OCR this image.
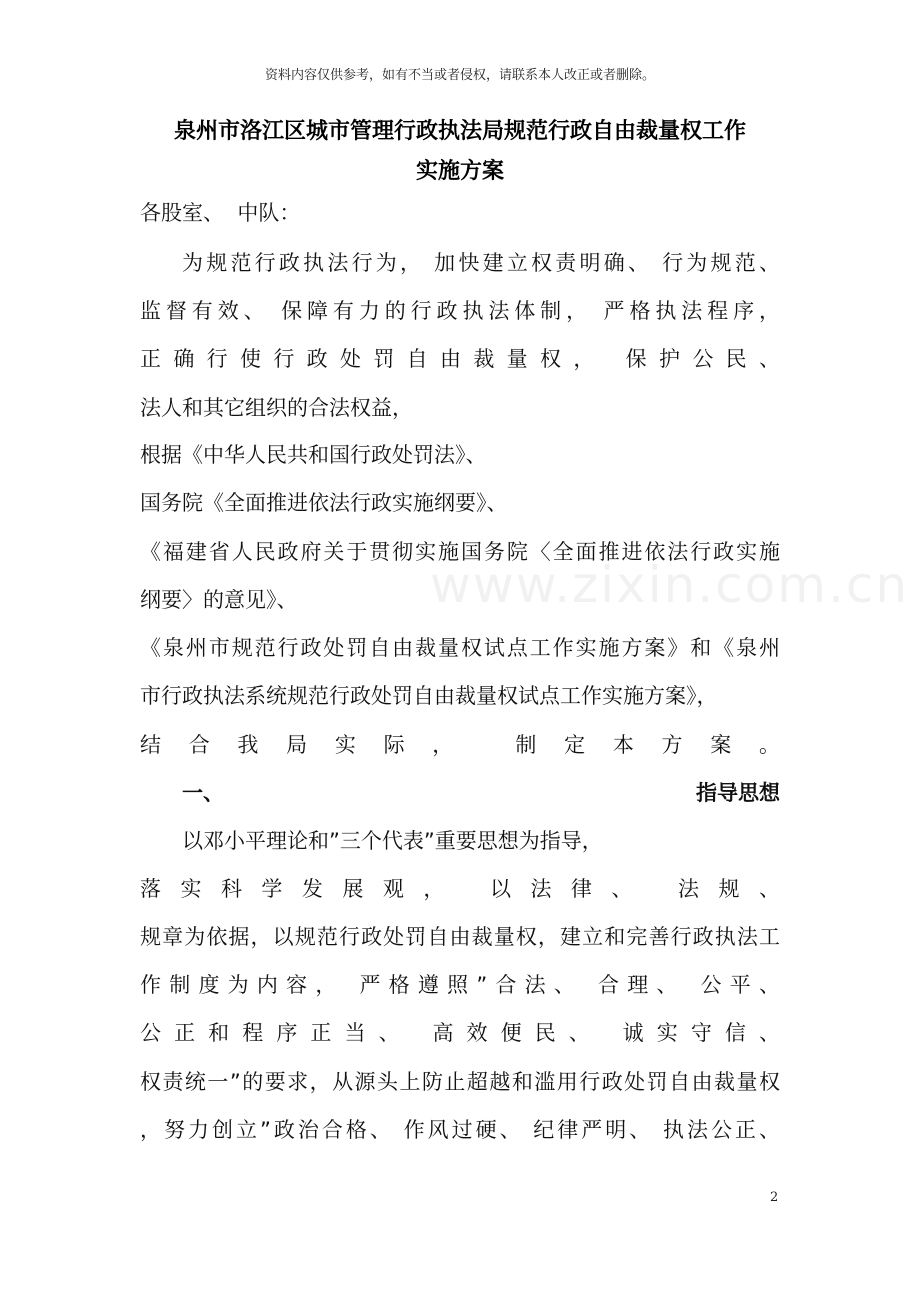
资料内容仅供参考，如有不当或者侵权，请联系本人改正或者删除。
泉州市洛江区城市管理行政执法局规范行政自由裁量权工作
实施方案
各股室、  中队：
为规范行政执法行为， 加快建立权责明确、 行为规范、
监督有效、 保障有力的行政执法体制， 严格执法程序，
正确行使行政处罚自由裁量权， 保护公民、
法人和其它组织的合法权益，
根据《中华人民共和国行政处罚法》、
国务院《全面推进依法行政实施纲要》、
《福建省人民政府关于贯彻实施国务院〈全面推进依法行政实施
纲要〉的意见》、
《泉州市规范行政处罚自由裁量权试点工作实施方案》和《泉州
市行政执法系统规范行政处罚自由裁量权试点工作实施方案》，
结合我局实际， 制定本方案。
一、	指导思想
以邓小平理论和”三个代表”重要思想为指导，
落实科学发展观， 以法律、 法规、
规章为依据，以规范行政处罚自由裁量权，建立和完善行政执法工
作制度为内容， 严格遵照”合法、 合理、 公平、
公正和程序正当、 高效便民、 诚实守信、
权责统一”的要求，从源头上防止超越和滥用行政处罚自由裁量权
，努力创立”政治合格、 作风过硬、 纪律严明、 执法公正、
www.zixin.com.cn
2
